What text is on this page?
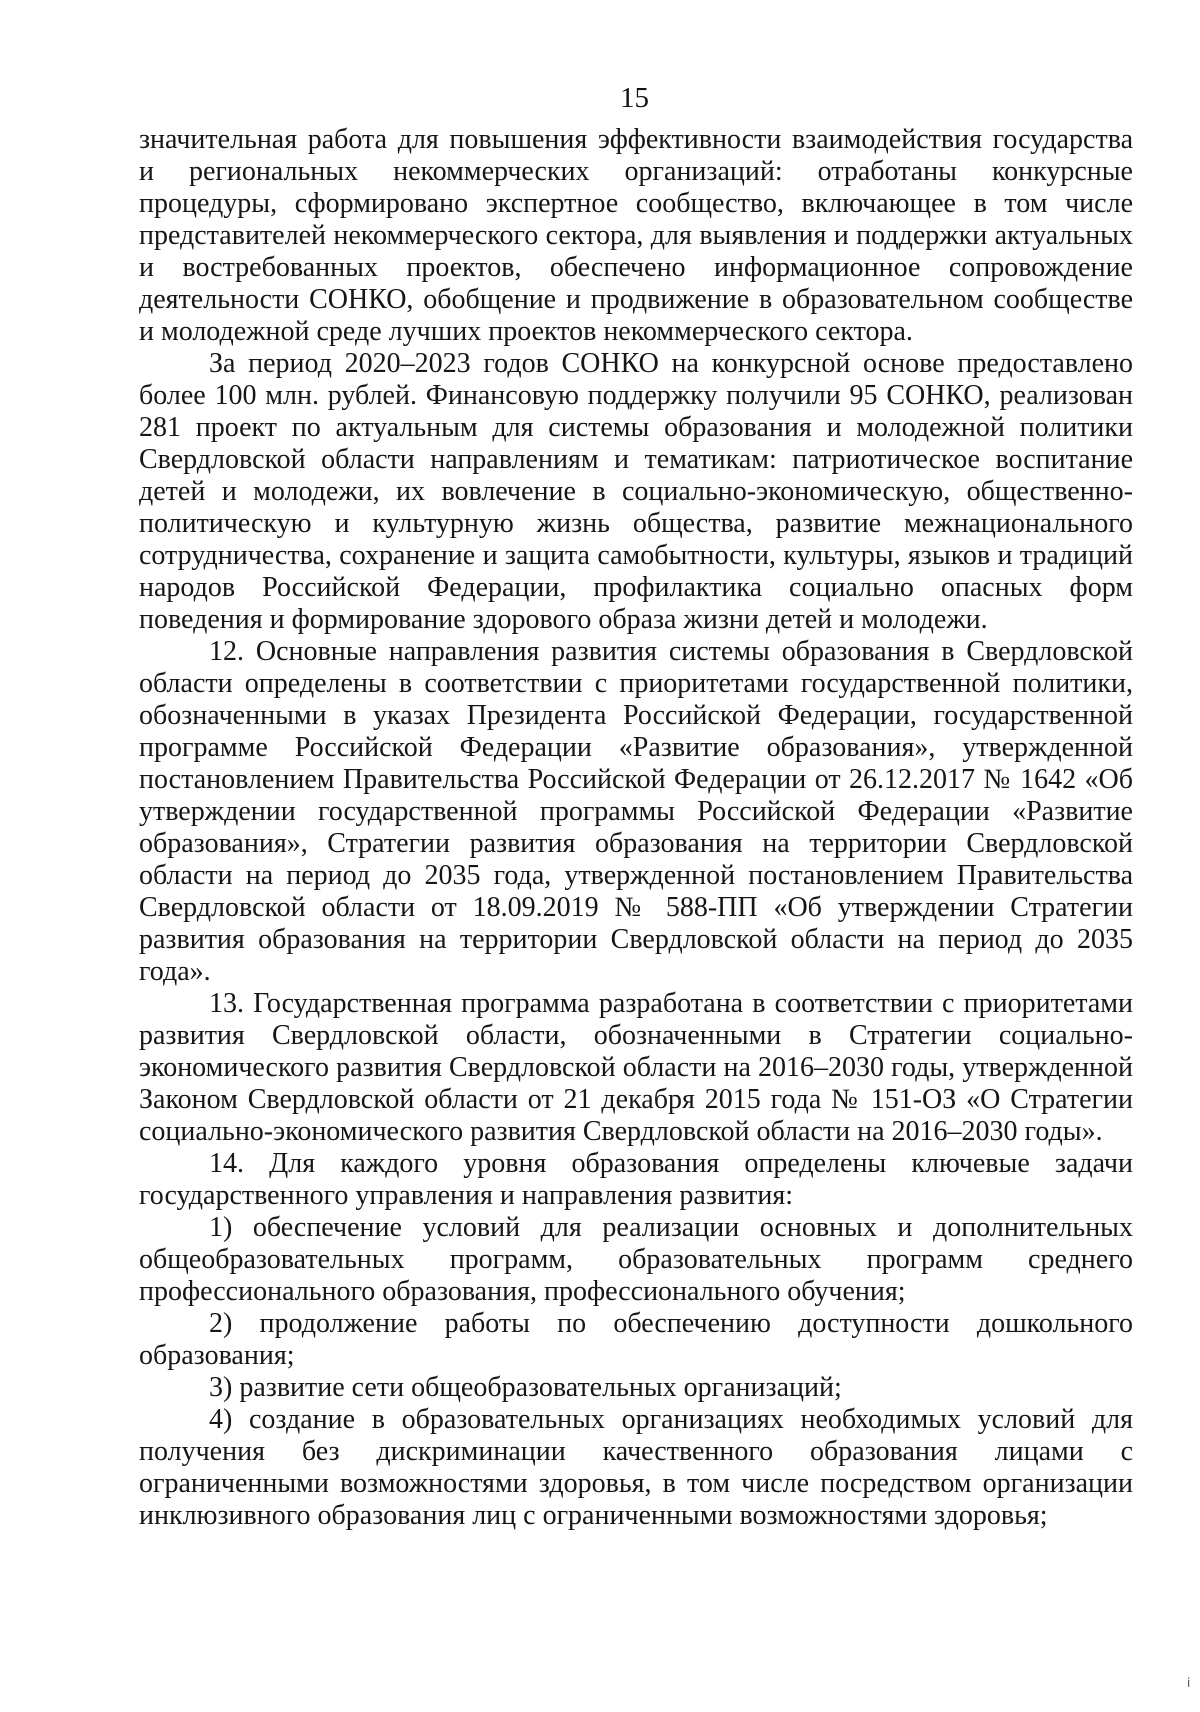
15

значительная работа для повышения эффективности взаимодействия государства и региональных некоммерческих организаций: отработаны конкурсные процедуры, сформировано экспертное сообщество, включающее в том числе представителей некоммерческого сектора, для выявления и поддержки актуальных и востребованных проектов, обеспечено информационное сопровождение деятельности СОНКО, обобщение и продвижение в образовательном сообществе и молодежной среде лучших проектов некоммерческого сектора.

За период 2020–2023 годов СОНКО на конкурсной основе предоставлено более 100 млн. рублей. Финансовую поддержку получили 95 СОНКО, реализован 281 проект по актуальным для системы образования и молодежной политики Свердловской области направлениям и тематикам: патриотическое воспитание детей и молодежи, их вовлечение в социально-экономическую, общественно-политическую и культурную жизнь общества, развитие межнационального сотрудничества, сохранение и защита самобытности, культуры, языков и традиций народов Российской Федерации, профилактика социально опасных форм поведения и формирование здорового образа жизни детей и молодежи.

12. Основные направления развития системы образования в Свердловской области определены в соответствии с приоритетами государственной политики, обозначенными в указах Президента Российской Федерации, государственной программе Российской Федерации «Развитие образования», утвержденной постановлением Правительства Российской Федерации от 26.12.2017 № 1642 «Об утверждении государственной программы Российской Федерации «Развитие образования», Стратегии развития образования на территории Свердловской области на период до 2035 года, утвержденной постановлением Правительства Свердловской области от 18.09.2019 № 588-ПП «Об утверждении Стратегии развития образования на территории Свердловской области на период до 2035 года».

13. Государственная программа разработана в соответствии с приоритетами развития Свердловской области, обозначенными в Стратегии социально-экономического развития Свердловской области на 2016–2030 годы, утвержденной Законом Свердловской области от 21 декабря 2015 года № 151-ОЗ «О Стратегии социально-экономического развития Свердловской области на 2016–2030 годы».

14. Для каждого уровня образования определены ключевые задачи государственного управления и направления развития:

1) обеспечение условий для реализации основных и дополнительных общеобразовательных программ, образовательных программ среднего профессионального образования, профессионального обучения;

2) продолжение работы по обеспечению доступности дошкольного образования;

3) развитие сети общеобразовательных организаций;

4) создание в образовательных организациях необходимых условий для получения без дискриминации качественного образования лицами с ограниченными возможностями здоровья, в том числе посредством организации инклюзивного образования лиц с ограниченными возможностями здоровья;

i
